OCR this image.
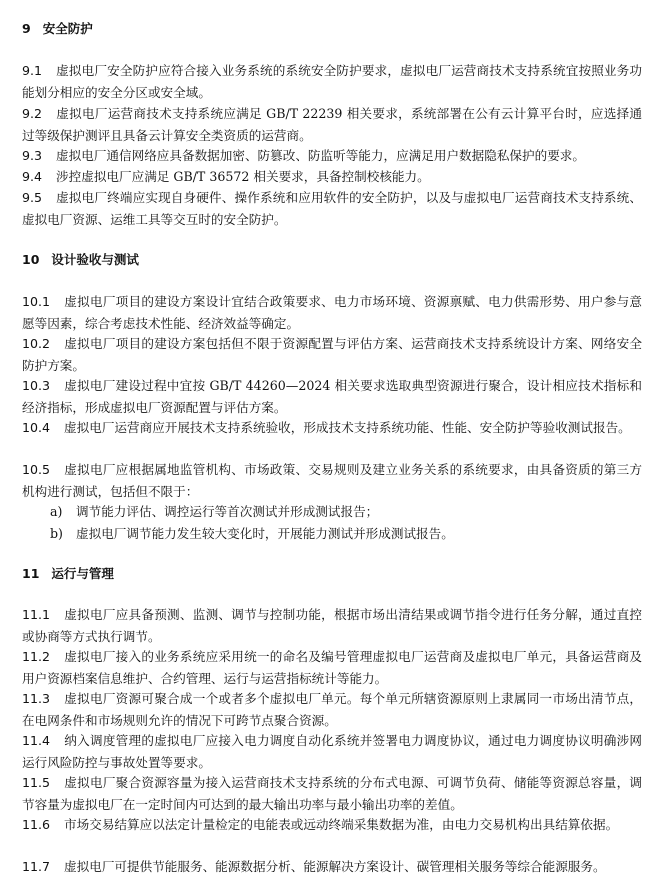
9 安全防护
9.1 虚拟电厂安全防护应符合接入业务系统的系统安全防护要求，虚拟电厂运营商技术支持系统宜按照业务功能划分相应的安全分区或安全域。
9.2 虚拟电厂运营商技术支持系统应满足 GB/T 22239 相关要求，系统部署在公有云计算平台时，应选择通过等级保护测评且具备云计算安全类资质的运营商。
9.3 虚拟电厂通信网络应具备数据加密、防篡改、防监听等能力，应满足用户数据隐私保护的要求。
9.4 涉控虚拟电厂应满足 GB/T 36572 相关要求，具备控制校核能力。
9.5 虚拟电厂终端应实现自身硬件、操作系统和应用软件的安全防护，以及与虚拟电厂运营商技术支持系统、虚拟电厂资源、运维工具等交互时的安全防护。
10 设计验收与测试
10.1 虚拟电厂项目的建设方案设计宜结合政策要求、电力市场环境、资源禀赋、电力供需形势、用户参与意愿等因素，综合考虑技术性能、经济效益等确定。
10.2 虚拟电厂项目的建设方案包括但不限于资源配置与评估方案、运营商技术支持系统设计方案、网络安全防护方案。
10.3 虚拟电厂建设过程中宜按 GB/T 44260—2024 相关要求选取典型资源进行聚合，设计相应技术指标和经济指标，形成虚拟电厂资源配置与评估方案。
10.4 虚拟电厂运营商应开展技术支持系统验收，形成技术支持系统功能、性能、安全防护等验收测试报告。
10.5 虚拟电厂应根据属地监管机构、市场政策、交易规则及建立业务关系的系统要求，由具备资质的第三方机构进行测试，包括但不限于：
a) 调节能力评估、调控运行等首次测试并形成测试报告；
b) 虚拟电厂调节能力发生较大变化时，开展能力测试并形成测试报告。
11 运行与管理
11.1 虚拟电厂应具备预测、监测、调节与控制功能，根据市场出清结果或调节指令进行任务分解，通过直控或协商等方式执行调节。
11.2 虚拟电厂接入的业务系统应采用统一的命名及编号管理虚拟电厂运营商及虚拟电厂单元，具备运营商及用户资源档案信息维护、合约管理、运行与运营指标统计等能力。
11.3 虚拟电厂资源可聚合成一个或者多个虚拟电厂单元。每个单元所辖资源原则上隶属同一市场出清节点，在电网条件和市场规则允许的情况下可跨节点聚合资源。
11.4 纳入调度管理的虚拟电厂应接入电力调度自动化系统并签署电力调度协议，通过电力调度协议明确涉网运行风险防控与事故处置等要求。
11.5 虚拟电厂聚合资源容量为接入运营商技术支持系统的分布式电源、可调节负荷、储能等资源总容量，调节容量为虚拟电厂在一定时间内可达到的最大输出功率与最小输出功率的差值。
11.6 市场交易结算应以法定计量检定的电能表或远动终端采集数据为准，由电力交易机构出具结算依据。
11.7 虚拟电厂可提供节能服务、能源数据分析、能源解决方案设计、碳管理相关服务等综合能源服务。
